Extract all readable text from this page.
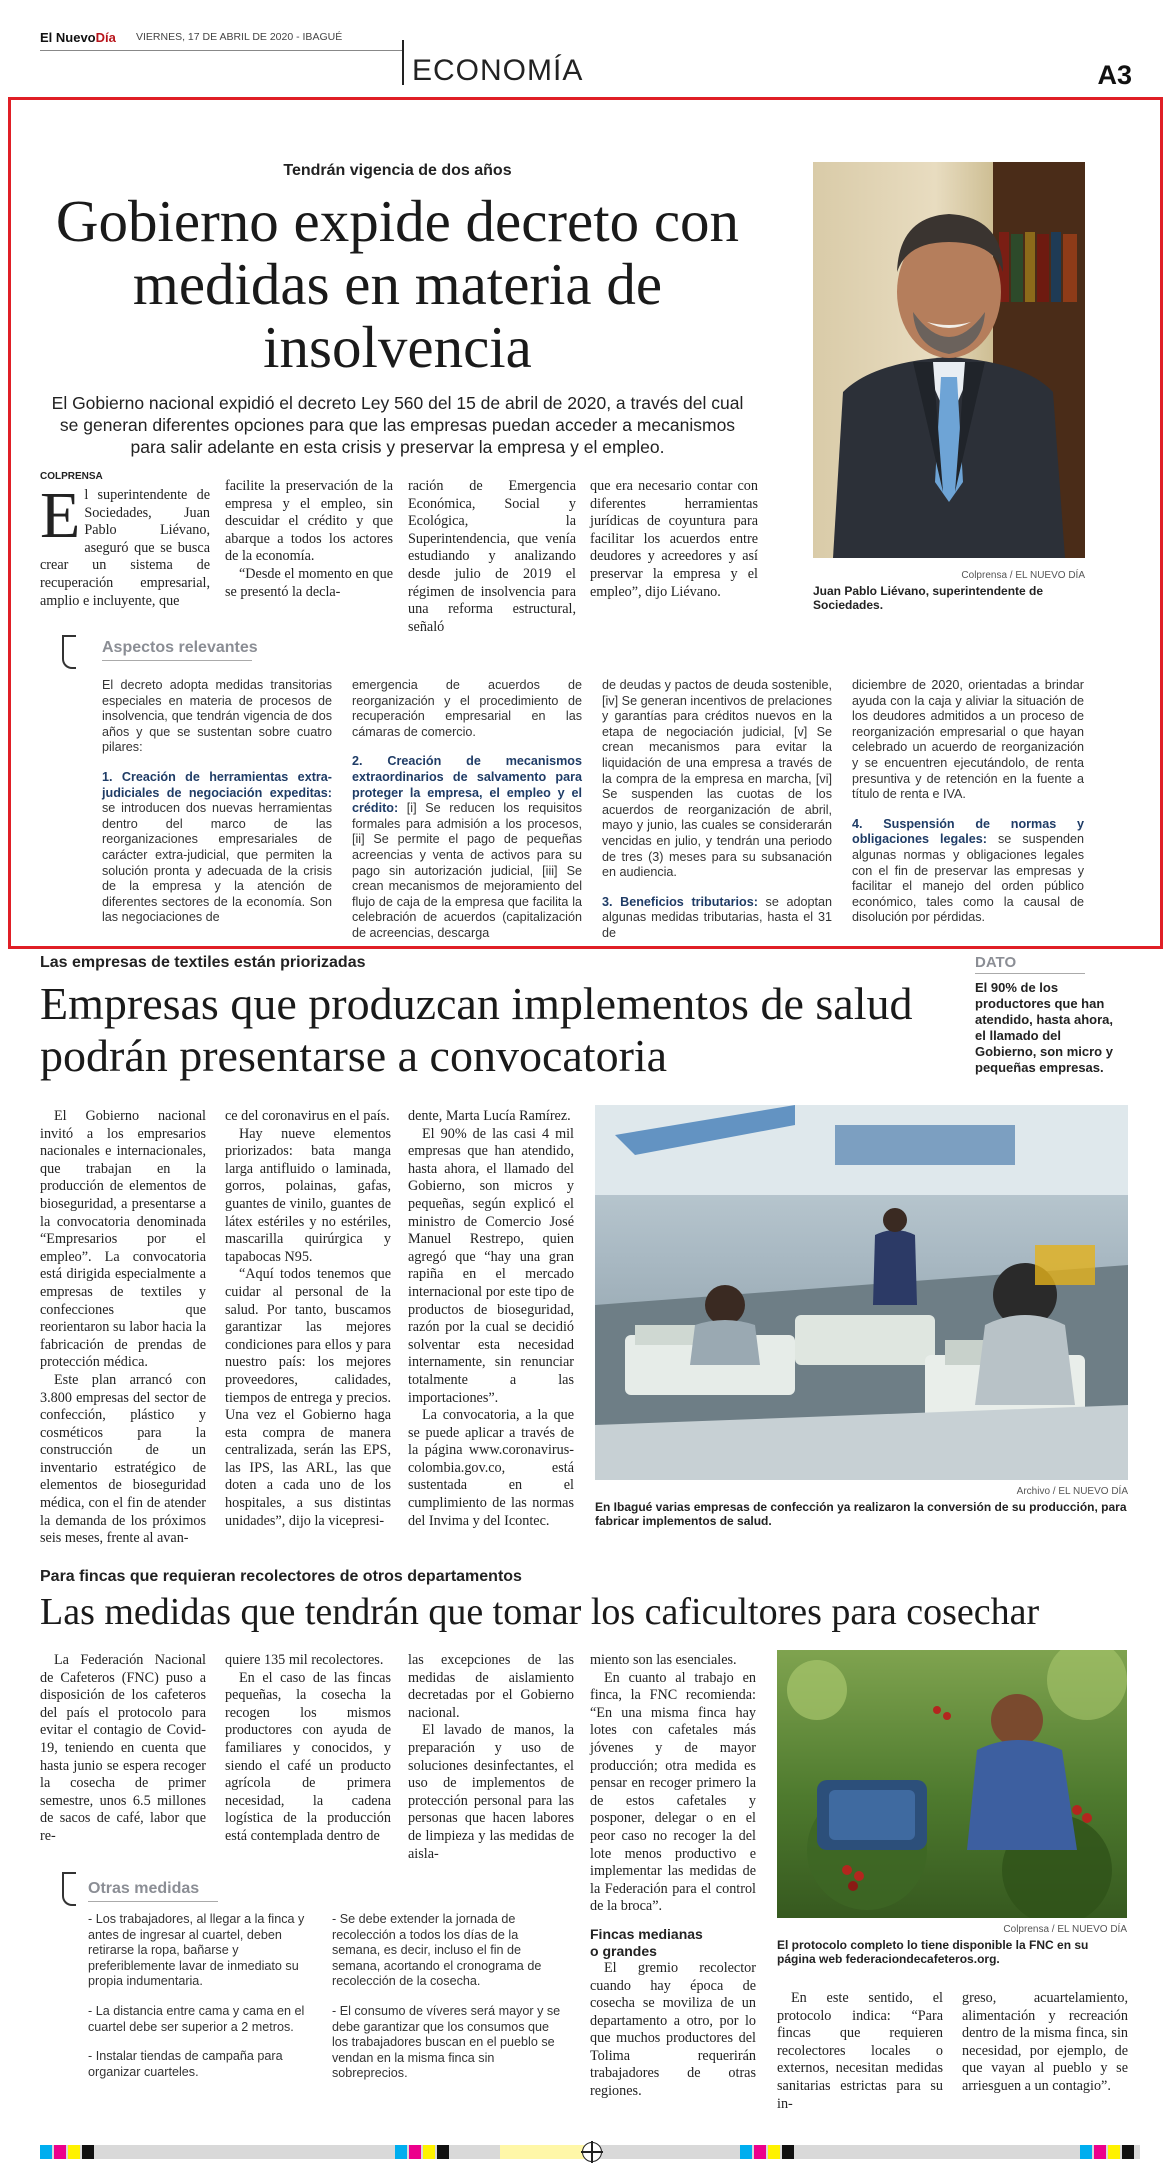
El NuevoDía VIERNES, 17 DE ABRIL DE 2020 - IBAGUÉ
ECONOMÍA	A3
Tendrán vigencia de dos años
Gobierno expide decreto con medidas en materia de insolvencia
El Gobierno nacional expidió el decreto Ley 560 del 15 de abril de 2020, a través del cual se generan diferentes opciones para que las empresas puedan acceder a mecanismos para salir adelante en esta crisis y preservar la empresa y el empleo.
COLPRENSA
E l superintendente de Sociedades, Juan Pablo Liévano, aseguró que se busca crear un sistema de recuperación empresarial, amplio e incluyente, que
facilite la preservación de la empresa y el empleo, sin descuidar el crédito y que abarque a todos los actores de la economía.
“Desde el momento en que se presentó la decla-
ración de Emergencia Económica, Social y Ecológica, la Superintendencia, que venía estudiando y analizando desde julio de 2019 el régimen de insolvencia para una reforma estructural, señaló
que era necesario contar con diferentes herramientas jurídicas de coyuntura para facilitar los acuerdos entre deudores y acreedores y así preservar la empresa y el empleo”, dijo Liévano.
Colprensa / EL NUEVO DÍA
Juan Pablo Liévano, superintendente de Sociedades.
Aspectos relevantes

El decreto adopta medidas transitorias especiales en materia de procesos de insolvencia, que tendrán vigencia de dos años y que se sustentan sobre cuatro pilares:

1. Creación de herramientas extra-judiciales de negociación expeditas: se introducen dos nuevas herramientas dentro del marco de las reorganizaciones empresariales de carácter extra-judicial, que permiten la solución pronta y adecuada de la crisis de la empresa y la atención de diferentes sectores de la economía. Son las negociaciones de

emergencia de acuerdos de reorganización y el procedimiento de recuperación empresarial en las cámaras de comercio.

2. Creación de mecanismos extraordinarios de salvamento para proteger la empresa, el empleo y el crédito: [i] Se reducen los requisitos formales para admisión a los procesos, [ii] Se permite el pago de pequeñas acreencias y venta de activos para su pago sin autorización judicial, [iii] Se crean mecanismos de mejoramiento del flujo de caja de la empresa que facilita la celebración de acuerdos (capitalización de acreencias, descarga

de deudas y pactos de deuda sostenible, [iv] Se generan incentivos de prelaciones y garantías para créditos nuevos en la etapa de negociación judicial, [v] Se crean mecanismos para evitar la liquidación de una empresa a través de la compra de la empresa en marcha, [vi] Se suspenden las cuotas de los acuerdos de reorganización de abril, mayo y junio, las cuales se considerarán vencidas en julio, y tendrán una periodo de tres (3) meses para su subsanación en audiencia.

3. Beneficios tributarios: se adoptan algunas medidas tributarias, hasta el 31 de

diciembre de 2020, orientadas a brindar ayuda con la caja y aliviar la situación de los deudores admitidos a un proceso de reorganización empresarial o que hayan celebrado un acuerdo de reorganización y se encuentren ejecutándolo, de renta presuntiva y de retención en la fuente a título de renta e IVA.

4. Suspensión de normas y obligaciones legales: se suspenden algunas normas y obligaciones legales con el fin de preservar las empresas y facilitar el manejo del orden público económico, tales como la causal de disolución por pérdidas.

Las empresas de textiles están priorizadas
Empresas que produzcan implementos de salud podrán presentarse a convocatoria
DATO
El 90% de los productores que han atendido, hasta ahora, el llamado del Gobierno, son micro y pequeñas empresas.

El Gobierno nacional invitó a los empresarios nacionales e internacionales, que trabajan en la producción de elementos de bioseguridad, a presentarse a la convocatoria denominada “Empresarios por el empleo”. La convocatoria está dirigida especialmente a empresas de textiles y confecciones que reorientaron su labor hacia la fabricación de prendas de protección médica.

Este plan arrancó con 3.800 empresas del sector de confección, plástico y cosméticos para la construcción de un inventario estratégico de elementos de bioseguridad médica, con el fin de atender la demanda de los próximos seis meses, frente al avan-

ce del coronavirus en el país.

Hay nueve elementos priorizados: bata manga larga antifluido o laminada, gorros, polainas, gafas, guantes de vinilo, guantes de látex estériles y no estériles, mascarilla quirúrgica y tapabocas N95.

“Aquí todos tenemos que cuidar al personal de la salud. Por tanto, buscamos garantizar las mejores condiciones para ellos y para nuestro país: los mejores proveedores, calidades, tiempos de entrega y precios. Una vez el Gobierno haga esta compra de manera centralizada, serán las EPS, las IPS, las ARL, las que doten a cada uno de los hospitales, a sus distintas unidades”, dijo la vicepresi-

dente, Marta Lucía Ramírez.

El 90% de las casi 4 mil empresas que han atendido, hasta ahora, el llamado del Gobierno, son micros y pequeñas, según explicó el ministro de Comercio José Manuel Restrepo, quien agregó que “hay una gran rapiña en el mercado internacional por este tipo de productos de bioseguridad, razón por la cual se decidió solventar esta necesidad internamente, sin renunciar totalmente a las importaciones”.

La convocatoria, a la que se puede aplicar a través de la página www.coronavirus-colombia.gov.co, está sustentada en el cumplimiento de las normas del Invima y del Icontec.

Archivo / EL NUEVO DÍA
En Ibagué varias empresas de confección ya realizaron la conversión de su producción, para fabricar implementos de salud.
Para fincas que requieran recolectores de otros departamentos
Las medidas que tendrán que tomar los caficultores para cosechar

La Federación Nacional de Cafeteros (FNC) puso a disposición de los cafeteros del país el protocolo para evitar el contagio de Covid-19, teniendo en cuenta que hasta junio se espera recoger la cosecha de primer semestre, unos 6.5 millones de sacos de café, labor que re-

quiere 135 mil recolectores.

En el caso de las fincas pequeñas, la cosecha la recogen los mismos productores con ayuda de familiares y conocidos, y siendo el café un producto agrícola de primera necesidad, la cadena logística de la producción está contemplada dentro de

las excepciones de las medidas de aislamiento decretadas por el Gobierno nacional.

El lavado de manos, la preparación y uso de soluciones desinfectantes, el uso de implementos de protección personal para las personas que hacen labores de limpieza y las medidas de aisla-

miento son las esenciales.

En cuanto al trabajo en finca, la FNC recomienda: “En una misma finca hay lotes con cafetales más jóvenes y de mayor producción; otra medida es pensar en recoger primero la de estos cafetales y posponer, delegar o en el peor caso no recoger la del lote menos productivo e implementar las medidas de la Federación para el control de la broca”.

Fincas medianas o grandes

El gremio recolector cuando hay época de cosecha se moviliza de un departamento a otro, por lo que muchos productores del Tolima requerirán trabajadores de otras regiones.

En este sentido, el protocolo indica: “Para fincas que requieren recolectores locales o externos, necesitan medidas sanitarias estrictas para su in-

greso, acuartelamiento, alimentación y recreación dentro de la misma finca, sin necesidad, por ejemplo, de que vayan al pueblo y se arriesguen a un contagio”.

Colprensa / EL NUEVO DÍA
El protocolo completo lo tiene disponible la FNC en su página web federaciondecafeteros.org.
Otras medidas

- Los trabajadores, al llegar a la finca y antes de ingresar al cuartel, deben retirarse la ropa, bañarse y preferiblemente lavar de inmediato su propia indumentaria.

- La distancia entre cama y cama en el cuartel debe ser superior a 2 metros.

- Instalar tiendas de campaña para organizar cuarteles.

- Se debe extender la jornada de recolección a todos los días de la semana, es decir, incluso el fin de semana, acortando el cronograma de recolección de la cosecha.

- El consumo de víveres será mayor y se debe garantizar que los consumos que los trabajadores buscan en el pueblo se vendan en la misma finca sin sobreprecios.
